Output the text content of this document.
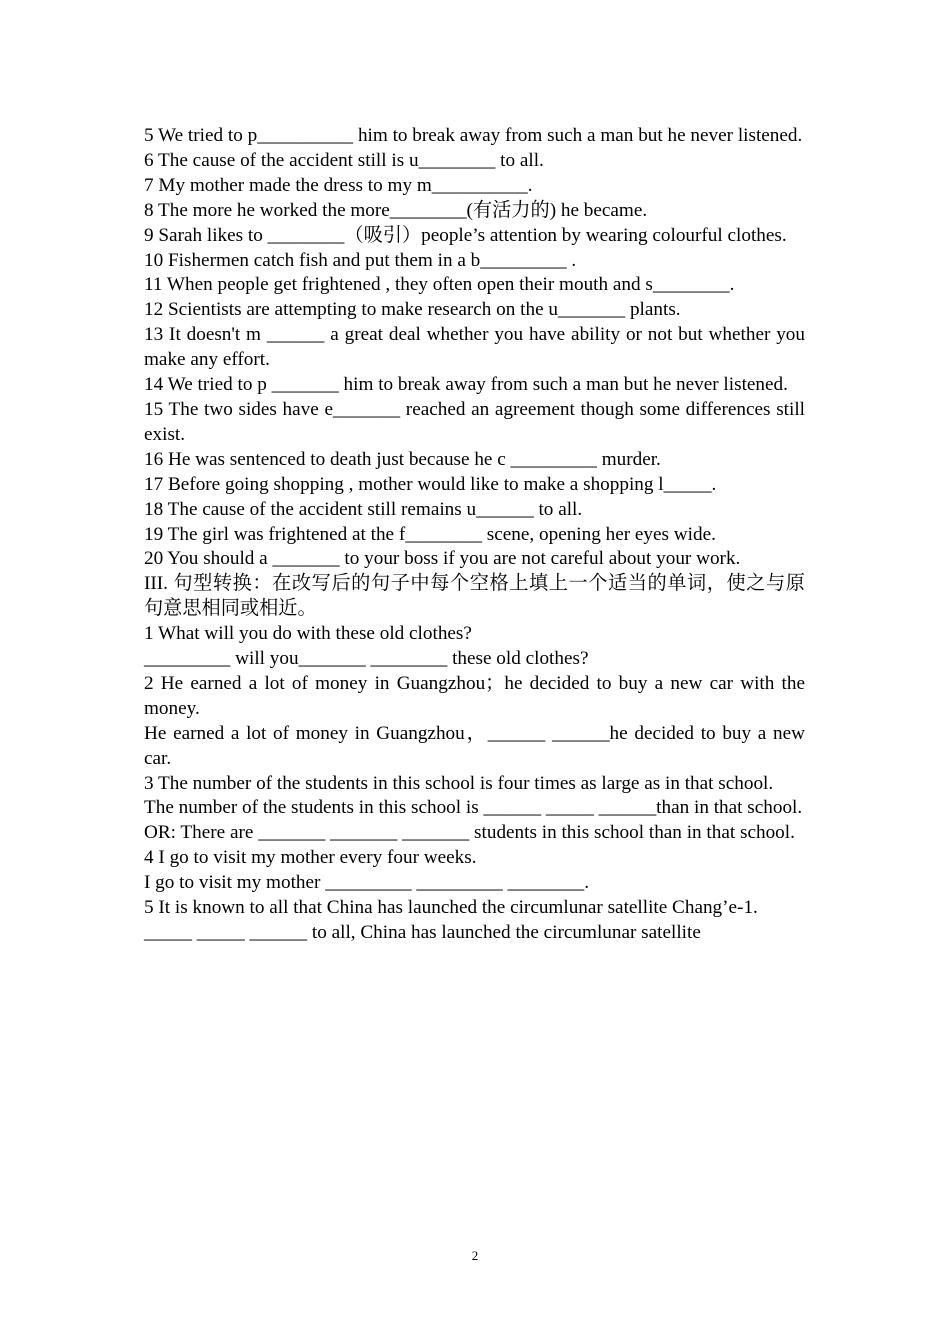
5 We tried to p__________ him to break away from such a man but he never listened.

6 The cause of the accident still is u________ to all.

7 My mother made the dress to my m__________.

8 The more he worked the more________(有活力的) he became.

9 Sarah likes to ________（吸引）people’s attention by wearing colourful clothes.

10 Fishermen catch fish and put them in a b_________ .

11 When people get frightened , they often open their mouth and s________.

12 Scientists are attempting to make research on the u_______ plants.

13 It doesn't m ______ a great deal whether you have ability or not but whether you make any effort.

14 We tried to p _______ him to break away from such a man but he never listened.

15 The two sides have e_______ reached an agreement though some differences still exist.

16 He was sentenced to death just because he c _________ murder.

17 Before going shopping , mother would like to make a shopping l_____.

18 The cause of the accident still remains u______ to all.

19 The girl was frightened at the f________ scene, opening her eyes wide.

20 You should a _______ to your boss if you are not careful about your work.

III. 句型转换：在改写后的句子中每个空格上填上一个适当的单词，使之与原句意思相同或相近。

1 What will you do with these old clothes?

_________ will you_______ ________ these old clothes?

2 He earned a lot of money in Guangzhou；he decided to buy a new car with the money.

He earned a lot of money in Guangzhou，______ ______he decided to buy a new car.

3 The number of the students in this school is four times as large as in that school.

The number of the students in this school is ______ _____ ______than in that school.

OR: There are _______ _______ _______ students in this school than in that school.

4 I go to visit my mother every four weeks.

I go to visit my mother _________ _________ ________.

5 It is known to all that China has launched the circumlunar satellite Chang’e-1.

_____ _____ ______ to all, China has launched the circumlunar satellite

2
